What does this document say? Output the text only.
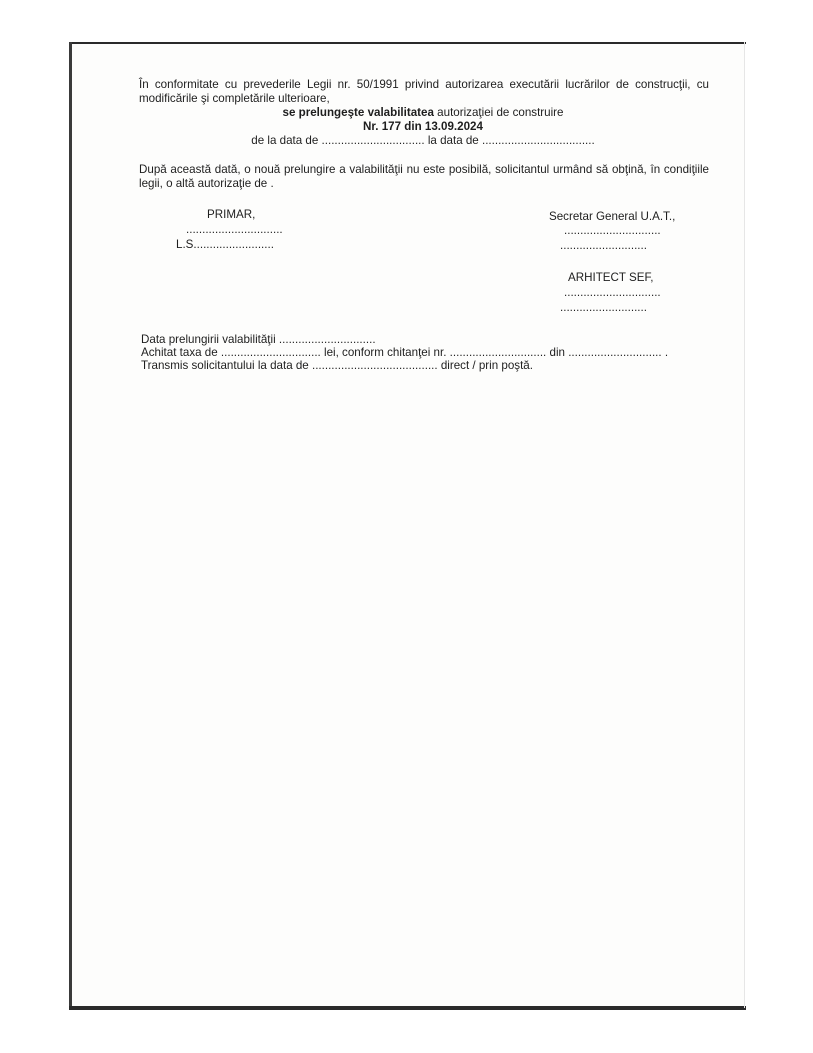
În conformitate cu prevederile Legii nr. 50/1991 privind autorizarea executării lucrărilor de construcţii, cu
modificările şi completările ulterioare,
se prelungeşte valabilitatea autorizaţiei de construire
Nr. 177 din 13.09.2024
de la data de ................................ la data de ...................................
După această dată, o nouă prelungire a valabilităţii nu este posibilă, solicitantul urmând să obţină, în condiţiile
legii, o altă autorizaţie de .
PRIMAR,
..............................
L.S.........................
Secretar General U.A.T.,
..............................
...........................
ARHITECT SEF,
..............................
...........................
Data prelungirii valabilităţii ..............................
Achitat taxa de ............................... lei, conform chitanţei nr. .............................. din ............................. .
Transmis solicitantului la data de ....................................... direct / prin poştă.
